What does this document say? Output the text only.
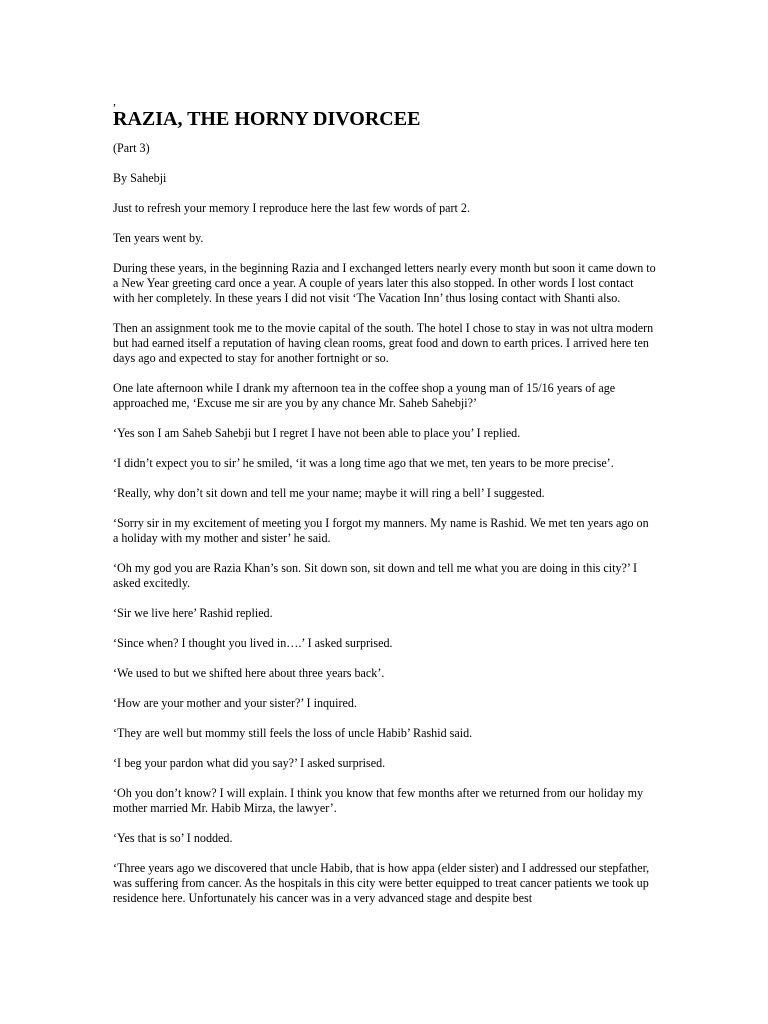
,
RAZIA, THE HORNY DIVORCEE

(Part 3)

By Sahebji

Just to refresh your memory I reproduce here the last few words of part 2.

Ten years went by.

During these years, in the beginning Razia and I exchanged letters nearly every month but soon it came down to a New Year greeting card once a year. A couple of years later this also stopped. In other words I lost contact with her completely. In these years I did not visit ‘The Vacation Inn’ thus losing contact with Shanti also.

Then an assignment took me to the movie capital of the south. The hotel I chose to stay in was not ultra modern but had earned itself a reputation of having clean rooms, great food and down to earth prices. I arrived here ten days ago and expected to stay for another fortnight or so.

One late afternoon while I drank my afternoon tea in the coffee shop a young man of 15/16 years of age approached me, ‘Excuse me sir are you by any chance Mr. Saheb Sahebji?’

‘Yes son I am Saheb Sahebji but I regret I have not been able to place you’ I replied.

‘I didn’t expect you to sir’ he smiled, ‘it was a long time ago that we met, ten years to be more precise’.

‘Really, why don’t sit down and tell me your name; maybe it will ring a bell’ I suggested.

‘Sorry sir in my excitement of meeting you I forgot my manners. My name is Rashid. We met ten years ago on a holiday with my mother and sister’ he said.

‘Oh my god you are Razia Khan’s son. Sit down son, sit down and tell me what you are doing in this city?’ I asked excitedly.

‘Sir we live here’ Rashid replied.

‘Since when? I thought you lived in….’ I asked surprised.

‘We used to but we shifted here about three years back’.

‘How are your mother and your sister?’ I inquired.

‘They are well but mommy still feels the loss of uncle Habib’ Rashid said.

‘I beg your pardon what did you say?’ I asked surprised.

‘Oh you don’t know? I will explain. I think you know that few months after we returned from our holiday my mother married Mr. Habib Mirza, the lawyer’.

‘Yes that is so’ I nodded.

‘Three years ago we discovered that uncle Habib, that is how appa (elder sister) and I addressed our stepfather, was suffering from cancer. As the hospitals in this city were better equipped to treat cancer patients we took up residence here. Unfortunately his cancer was in a very advanced stage and despite best
